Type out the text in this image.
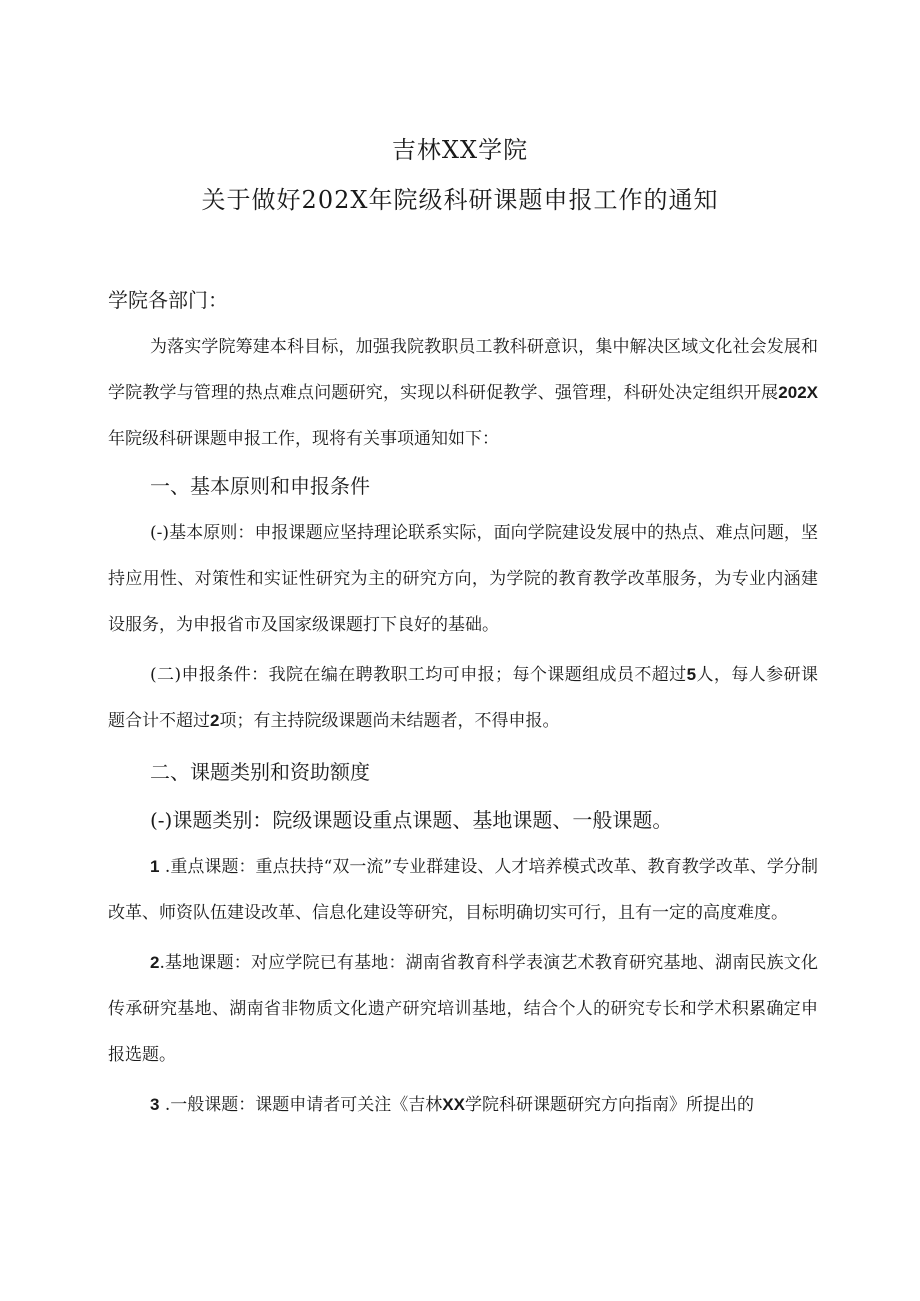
吉林XX学院
关于做好202X年院级科研课题申报工作的通知

学院各部门：

为落实学院筹建本科目标，加强我院教职员工教科研意识，集中解决区域文化社会发展和学院教学与管理的热点难点问题研究，实现以科研促教学、强管理，科研处决定组织开展202X年院级科研课题申报工作，现将有关事项通知如下：

一、基本原则和申报条件

(-)基本原则：申报课题应坚持理论联系实际，面向学院建设发展中的热点、难点问题，坚持应用性、对策性和实证性研究为主的研究方向，为学院的教育教学改革服务，为专业内涵建设服务，为申报省市及国家级课题打下良好的基础。

(二)申报条件：我院在编在聘教职工均可申报；每个课题组成员不超过5人，每人参研课题合计不超过2项；有主持院级课题尚未结题者，不得申报。

二、课题类别和资助额度

(-)课题类别：院级课题设重点课题、基地课题、一般课题。

1 .重点课题：重点扶持“双一流”专业群建设、人才培养模式改革、教育教学改革、学分制改革、师资队伍建设改革、信息化建设等研究，目标明确切实可行，且有一定的高度难度。

2.基地课题：对应学院已有基地：湖南省教育科学表演艺术教育研究基地、湖南民族文化传承研究基地、湖南省非物质文化遗产研究培训基地，结合个人的研究专长和学术积累确定申报选题。

3 .一般课题：课题申请者可关注《吉林XX学院科研课题研究方向指南》所提出的
